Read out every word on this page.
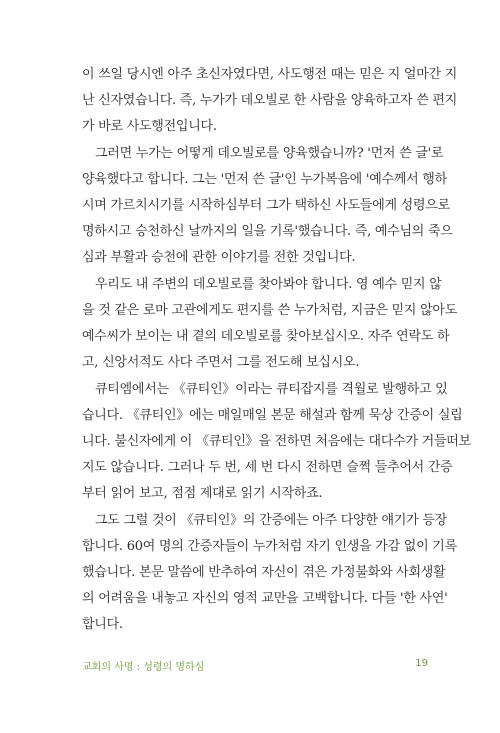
이 쓰일 당시엔 아주 초신자였다면, 사도행전 때는 믿은 지 얼마간 지
난 신자였습니다. 즉, 누가가 데오빌로 한 사람을 양육하고자 쓴 편지
가 바로 사도행전입니다.

그러면 누가는 어떻게 데오빌로를 양육했습니까? '먼저 쓴 글'로
양육했다고 합니다. 그는 '먼저 쓴 글'인 누가복음에 '예수께서 행하
시며 가르치시기를 시작하심부터 그가 택하신 사도들에게 성령으로
명하시고 승천하신 날까지의 일을 기록'했습니다. 즉, 예수님의 죽으
심과 부활과 승천에 관한 이야기를 전한 것입니다.

우리도 내 주변의 데오빌로를 찾아봐야 합니다. 영 예수 믿지 않
을 것 같은 로마 고관에게도 편지를 쓴 누가처럼, 지금은 믿지 않아도
예수씨가 보이는 내 곁의 데오빌로를 찾아보십시오. 자주 연락도 하
고, 신앙서적도 사다 주면서 그를 전도해 보십시오.

큐티엠에서는 《큐티인》이라는 큐티잡지를 격월로 발행하고 있
습니다. 《큐티인》에는 매일매일 본문 해설과 함께 묵상 간증이 실립
니다. 불신자에게 이 《큐티인》을 전하면 처음에는 대다수가 거들떠보
지도 않습니다. 그러나 두 번, 세 번 다시 전하면 슬쩍 들추어서 간증
부터 읽어 보고, 점점 제대로 읽기 시작하죠.

그도 그럴 것이 《큐티인》의 간증에는 아주 다양한 얘기가 등장
합니다. 60여 명의 간증자들이 누가처럼 자기 인생을 가감 없이 기록
했습니다. 본문 말씀에 반추하여 자신이 겪은 가정불화와 사회생활
의 어려움을 내놓고 자신의 영적 교만을 고백합니다. 다들 '한 사연'
합니다.

교회의 사명 : 성령의 명하심	19
